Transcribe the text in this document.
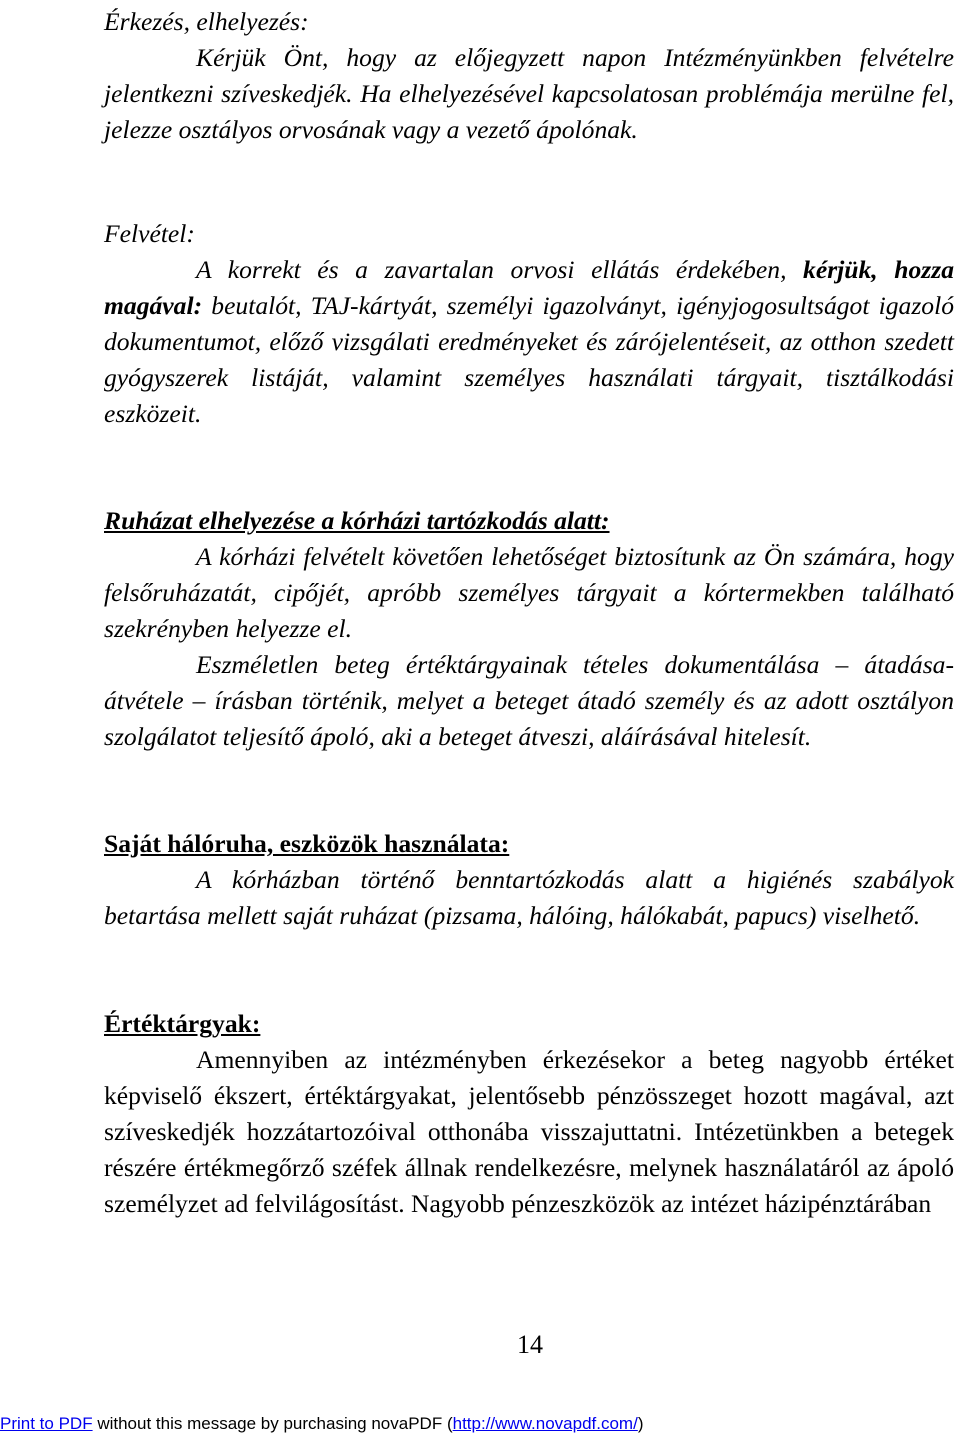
Érkezés, elhelyezés:

Kérjük Önt, hogy az előjegyzett napon Intézményünkben felvételre jelentkezni szíveskedjék. Ha elhelyezésével kapcsolatosan problémája merülne fel, jelezze osztályos orvosának vagy a vezető ápolónak.

Felvétel:

A korrekt és a zavartalan orvosi ellátás érdekében, kérjük, hozza magával: beutalót, TAJ-kártyát, személyi igazolványt, igényjogosultságot igazoló dokumentumot, előző vizsgálati eredményeket és zárójelentéseit, az otthon szedett gyógyszerek listáját, valamint személyes használati tárgyait, tisztálkodási eszközeit.

Ruházat elhelyezése a kórházi tartózkodás alatt:

A kórházi felvételt követően lehetőséget biztosítunk az Ön számára, hogy felsőruházatát, cipőjét, apróbb személyes tárgyait a kórtermekben található szekrényben helyezze el.

Eszméletlen beteg értéktárgyainak tételes dokumentálása – átadása-átvétele – írásban történik, melyet a beteget átadó személy és az adott osztályon szolgálatot teljesítő ápoló, aki a beteget átveszi, aláírásával hitelesít.

Saját hálóruha, eszközök használata:

A kórházban történő benntartózkodás alatt a higiénés szabályok betartása mellett saját ruházat (pizsama, hálóing, hálókabát, papucs) viselhető.

Értéktárgyak:

Amennyiben az intézményben érkezésekor a beteg nagyobb értéket képviselő ékszert, értéktárgyakat, jelentősebb pénzösszeget hozott magával, azt szíveskedjék hozzátartozóival otthonába visszajuttatni. Intézetünkben a betegek részére értékmegőrző széfek állnak rendelkezésre, melynek használatáról az ápoló személyzet ad felvilágosítást. Nagyobb pénzeszközök az intézet házipénztárában

14
Print to PDF without this message by purchasing novaPDF (http://www.novapdf.com/)
